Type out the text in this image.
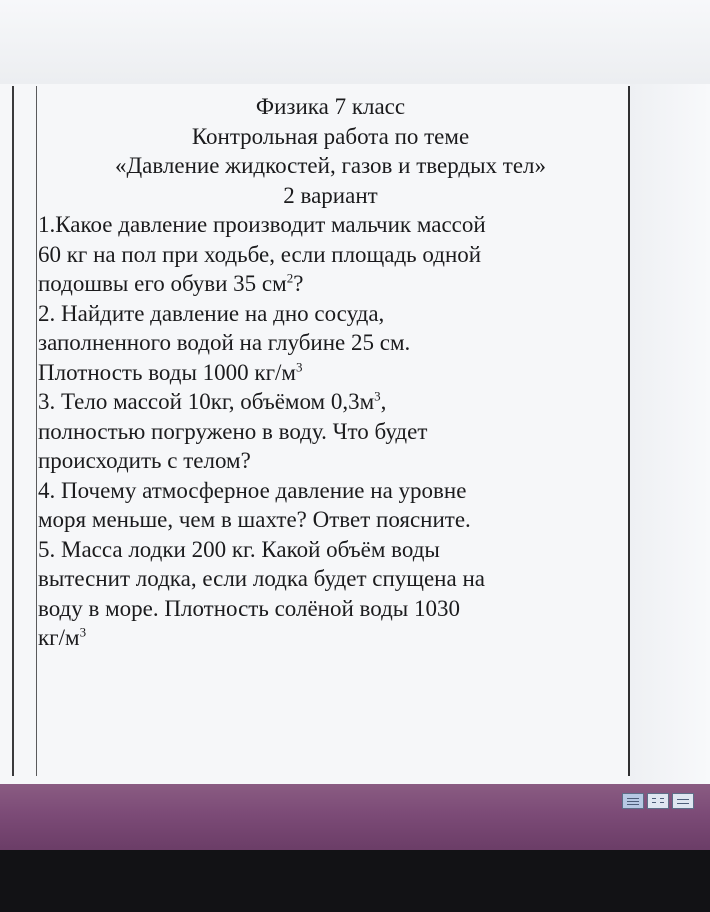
Физика 7 класс
Контрольная работа по теме
«Давление жидкостей, газов и твердых тел»
2 вариант
1.Какое давление производит мальчик массой
60 кг на пол при ходьбе, если площадь одной
подошвы его обуви 35 $см^2$?
2. Найдите давление на дно сосуда,
заполненного водой на глубине 25 см.
Плотность воды 1000 $кг/м^3$
3. Тело массой 10кг, объёмом $0,3м^3$,
полностью погружено в воду. Что будет
происходить с телом?
4. Почему атмосферное давление на уровне
моря меньше, чем в шахте? Ответ поясните.
5. Масса лодки 200 кг. Какой объём воды
вытеснит лодка, если лодка будет спущена на
воду в море. Плотность солёной воды 1030
$кг/м^3$
